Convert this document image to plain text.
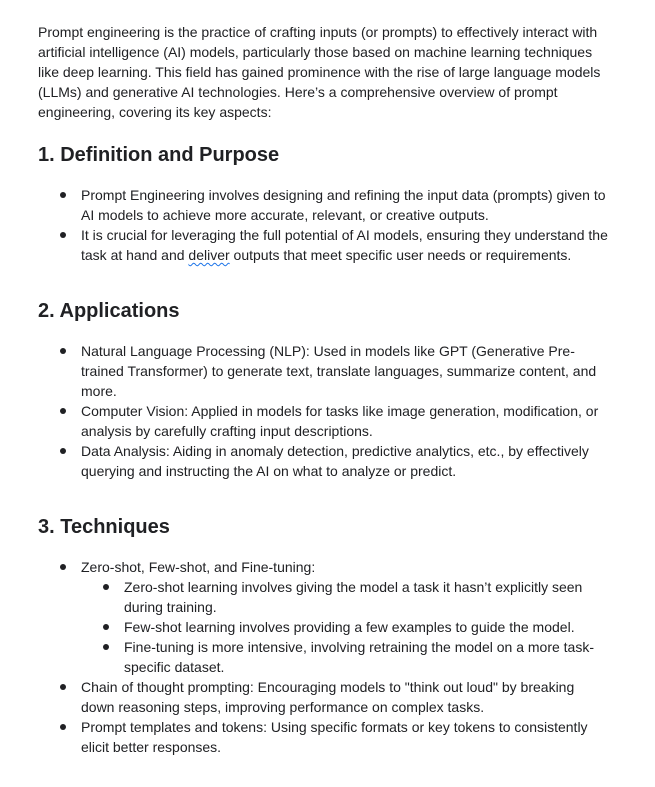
Prompt engineering is the practice of crafting inputs (or prompts) to effectively interact with artificial intelligence (AI) models, particularly those based on machine learning techniques like deep learning. This field has gained prominence with the rise of large language models (LLMs) and generative AI technologies. Here’s a comprehensive overview of prompt engineering, covering its key aspects:

1. Definition and Purpose
Prompt Engineering involves designing and refining the input data (prompts) given to AI models to achieve more accurate, relevant, or creative outputs.
It is crucial for leveraging the full potential of AI models, ensuring they understand the task at hand and deliver outputs that meet specific user needs or requirements.
2. Applications
Natural Language Processing (NLP): Used in models like GPT (Generative Pre-trained Transformer) to generate text, translate languages, summarize content, and more.
Computer Vision: Applied in models for tasks like image generation, modification, or analysis by carefully crafting input descriptions.
Data Analysis: Aiding in anomaly detection, predictive analytics, etc., by effectively querying and instructing the AI on what to analyze or predict.
3. Techniques
Zero-shot, Few-shot, and Fine-tuning:
Zero-shot learning involves giving the model a task it hasn’t explicitly seen during training.
Few-shot learning involves providing a few examples to guide the model.
Fine-tuning is more intensive, involving retraining the model on a more task-specific dataset.
Chain of thought prompting: Encouraging models to "think out loud" by breaking down reasoning steps, improving performance on complex tasks.
Prompt templates and tokens: Using specific formats or key tokens to consistently elicit better responses.
